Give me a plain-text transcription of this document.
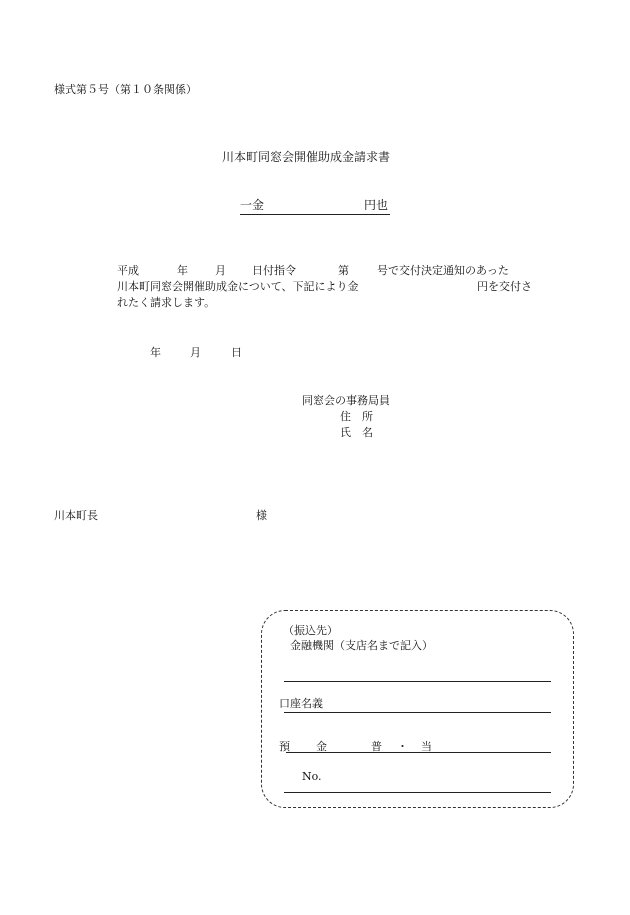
様式第５号（第１０条関係）
川本町同窓会開催助成金請求書
一金	円也
平成	年 月 日付指令	第	号で交付決定通知のあった
川本町同窓会開催助成金について、下記により金	円を交付さ
れたく請求します。
年	月	日
同窓会の事務局員
住　所
氏　名
川本町長	様
（振込先）
金融機関（支店名まで記入）
口座名義
預 金	普 ・ 当
No.
